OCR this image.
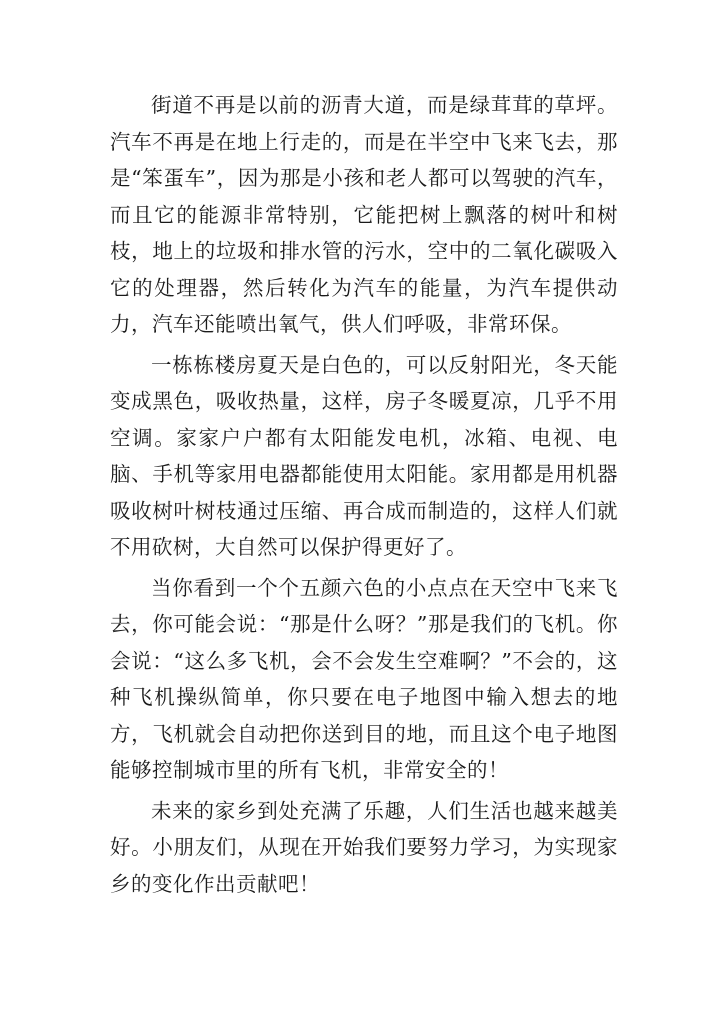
街道不再是以前的沥青大道，而是绿茸茸的草坪。汽车不再是在地上行走的，而是在半空中飞来飞去，那是“笨蛋车”，因为那是小孩和老人都可以驾驶的汽车，而且它的能源非常特别，它能把树上飘落的树叶和树枝，地上的垃圾和排水管的污水，空中的二氧化碳吸入它的处理器，然后转化为汽车的能量，为汽车提供动力，汽车还能喷出氧气，供人们呼吸，非常环保。

一栋栋楼房夏天是白色的，可以反射阳光，冬天能变成黑色，吸收热量，这样，房子冬暖夏凉，几乎不用空调。家家户户都有太阳能发电机，冰箱、电视、电脑、手机等家用电器都能使用太阳能。家用都是用机器吸收树叶树枝通过压缩、再合成而制造的，这样人们就不用砍树，大自然可以保护得更好了。

当你看到一个个五颜六色的小点点在天空中飞来飞去，你可能会说：“那是什么呀？”那是我们的飞机。你会说：“这么多飞机，会不会发生空难啊？”不会的，这种飞机操纵简单，你只要在电子地图中输入想去的地方，飞机就会自动把你送到目的地，而且这个电子地图能够控制城市里的所有飞机，非常安全的！

未来的家乡到处充满了乐趣，人们生活也越来越美好。小朋友们，从现在开始我们要努力学习，为实现家乡的变化作出贡献吧！
